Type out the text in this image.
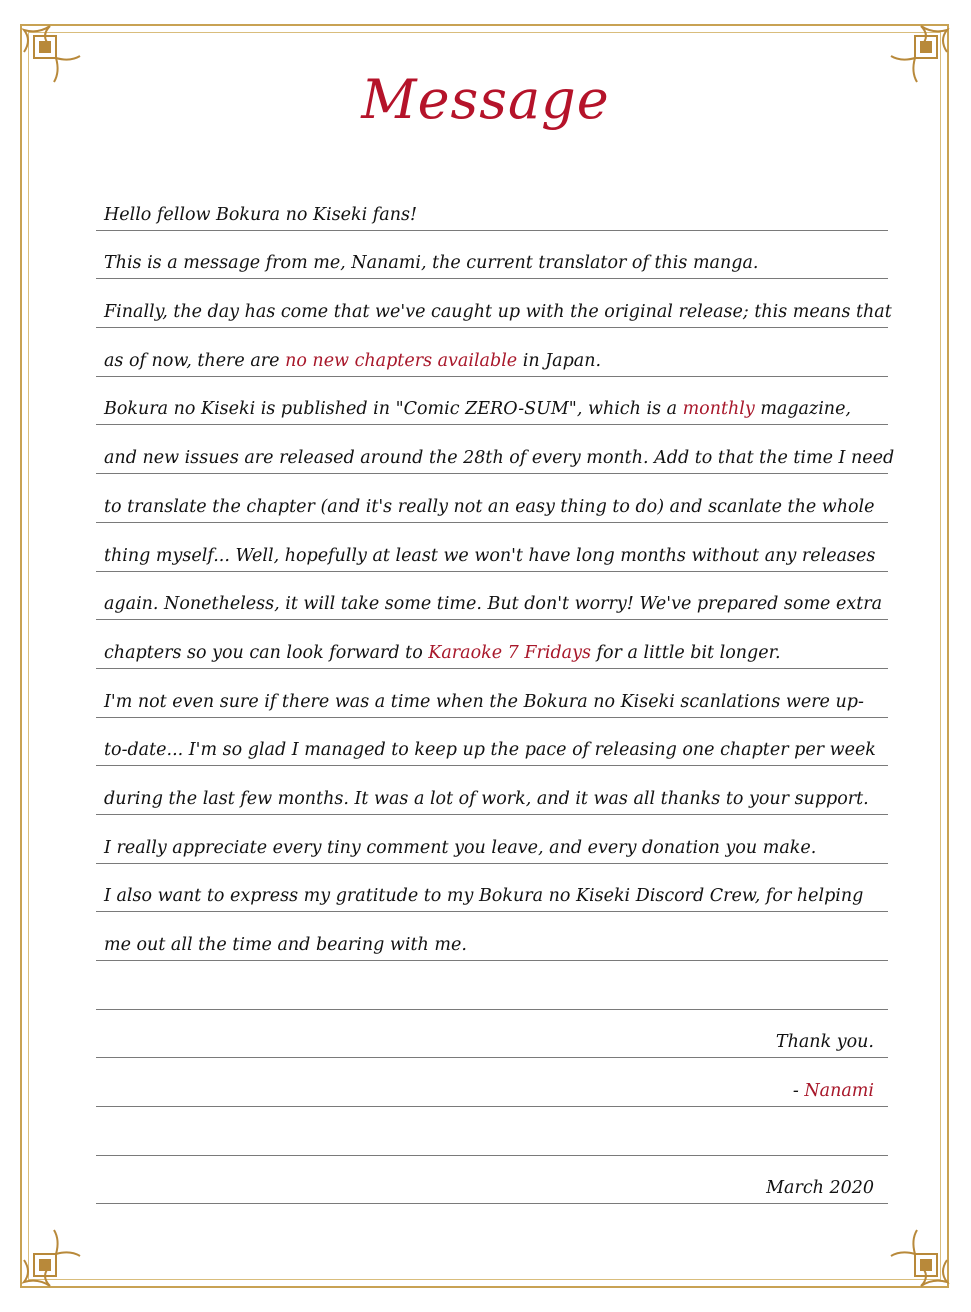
Message
Hello fellow Bokura no Kiseki fans!
This is a message from me, Nanami, the current translator of this manga.
Finally, the day has come that we've caught up with the original release; this means that
as of now, there are no new chapters available in Japan.
Bokura no Kiseki is published in "Comic ZERO-SUM", which is a monthly magazine,
and new issues are released around the 28th of every month. Add to that the time I need
to translate the chapter (and it's really not an easy thing to do) and scanlate the whole
thing myself... Well, hopefully at least we won't have long months without any releases
again. Nonetheless, it will take some time. But don't worry! We've prepared some extra
chapters so you can look forward to Karaoke 7 Fridays for a little bit longer.
I'm not even sure if there was a time when the Bokura no Kiseki scanlations were up-
to-date... I'm so glad I managed to keep up the pace of releasing one chapter per week
during the last few months. It was a lot of work, and it was all thanks to your support.
I really appreciate every tiny comment you leave, and every donation you make.
I also want to express my gratitude to my Bokura no Kiseki Discord Crew, for helping
me out all the time and bearing with me.
Thank you.
- Nanami
March 2020
